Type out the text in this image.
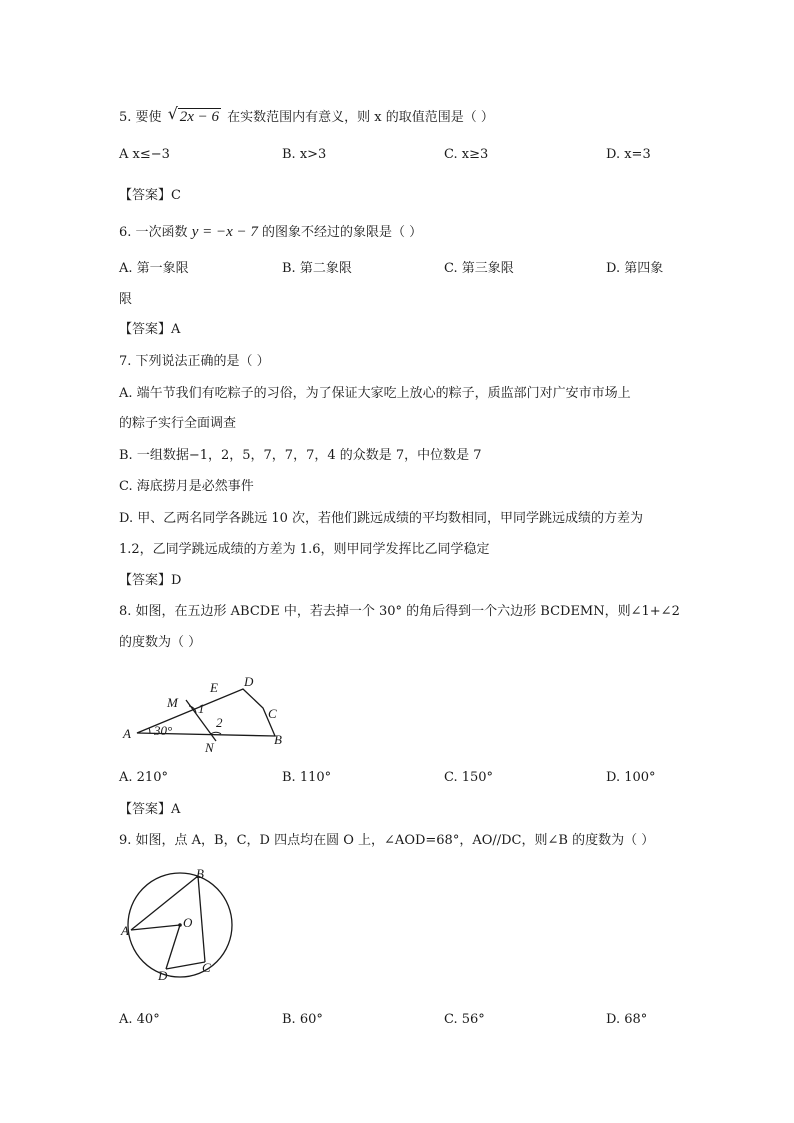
5. 要使 √ 2x − 6 在实数范围内有意义，则 x 的取值范围是（ ）
A x≤−3	B. x>3	C. x≥3	D. x=3
【答案】C
6. 一次函数 y = −x − 7 的图象不经过的象限是（ ）
A. 第一象限	B. 第二象限	C. 第三象限	D. 第四象
限
【答案】A
7. 下列说法正确的是（ ）
A. 端午节我们有吃粽子的习俗，为了保证大家吃上放心的粽子，质监部门对广安市市场上
的粽子实行全面调查
B. 一组数据−1，2，5，7，7，7，4 的众数是 7，中位数是 7
C. 海底捞月是必然事件
D. 甲、乙两名同学各跳远 10 次，若他们跳远成绩的平均数相同，甲同学跳远成绩的方差为
1.2，乙同学跳远成绩的方差为 1.6，则甲同学发挥比乙同学稳定
【答案】D
8. 如图，在五边形 ABCDE 中，若去掉一个 30° 的角后得到一个六边形 BCDEMN，则∠1+∠2
的度数为（ ）
A	B
C
D
E
M
N
1
2
30°
A. 210°	B. 110°	C. 150°	D. 100°
【答案】A
9. 如图，点 A，B，C，D 四点均在圆 O 上，∠AOD=68°，AO//DC，则∠B 的度数为（ ）
A
B
C
D
O
A. 40°	B. 60°	C. 56°	D. 68°
